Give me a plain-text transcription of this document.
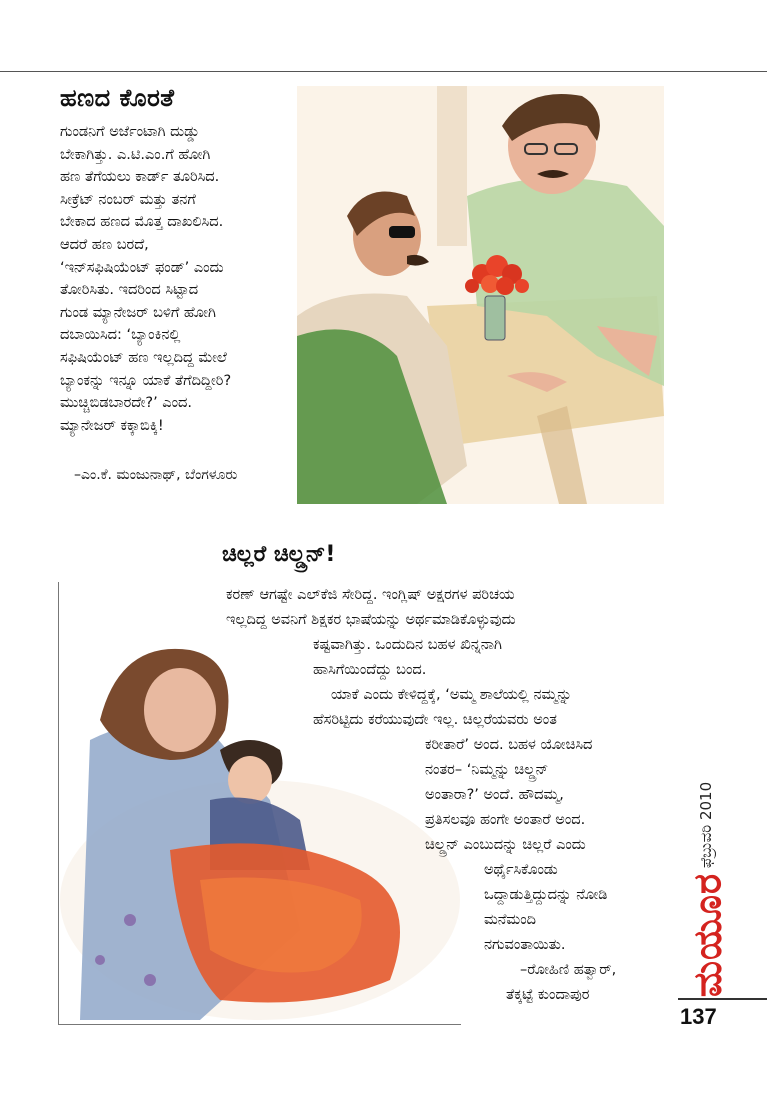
ಹಣದ ಕೊರತೆ
ಗುಂಡನಿಗೆ ಅರ್ಜೆಂಟಾಗಿ ದುಡ್ಡು
ಬೇಕಾಗಿತ್ತು. ಎ.ಟಿ.ಎಂ.ಗೆ ಹೋಗಿ
ಹಣ ತೆಗೆಯಲು ಕಾರ್ಡ್ ತೂರಿಸಿದ.
ಸೀಕ್ರೆಟ್ ನಂಬರ್ ಮತ್ತು ತನಗೆ
ಬೇಕಾದ ಹಣದ ಮೊತ್ತ ದಾಖಲಿಸಿದ.
ಆದರೆ ಹಣ ಬರದೆ,
‘ಇನ್‌ಸಫಿಷಿಯೆಂಟ್ ಫಂಡ್’ ಎಂದು
ತೋರಿಸಿತು. ಇದರಿಂದ ಸಿಟ್ಟಾದ
ಗುಂಡ ಮ್ಯಾನೇಜರ್ ಬಳಿಗೆ ಹೋಗಿ
ದಬಾಯಿಸಿದ: ‘ಬ್ಯಾಂಕಿನಲ್ಲಿ
ಸಫಿಷಿಯೆಂಟ್ ಹಣ ಇಲ್ಲದಿದ್ದ ಮೇಲೆ
ಬ್ಯಾಂಕನ್ನು ಇನ್ನೂ ಯಾಕೆ ತೆಗೆದಿದ್ದೀರಿ?
ಮುಚ್ಚಿಬಿಡಬಾರದೇ?’ ಎಂದ.
ಮ್ಯಾನೇಜರ್ ಕಕ್ಕಾಬಿಕ್ಕಿ!
–ಎಂ.ಕೆ. ಮಂಜುನಾಥ್, ಬೆಂಗಳೂರು
ಚಿಲ್ಲರೆ ಚಿಲ್ಡ್ರನ್!
ಕರಣ್ ಆಗಷ್ಟೇ ಎಲ್‌ಕೆಜಿ ಸೇರಿದ್ದ. ಇಂಗ್ಲಿಷ್ ಅಕ್ಷರಗಳ ಪರಿಚಯ
ಇಲ್ಲದಿದ್ದ ಅವನಿಗೆ ಶಿಕ್ಷಕರ ಭಾಷೆಯನ್ನು ಅರ್ಥಮಾಡಿಕೊಳ್ಳುವುದು
ಕಷ್ಟವಾಗಿತ್ತು. ಒಂದುದಿನ ಬಹಳ ಖಿನ್ನನಾಗಿ
ಹಾಸಿಗೆಯಿಂದೆದ್ದು ಬಂದ.
ಯಾಕೆ ಎಂದು ಕೇಳಿದ್ದಕ್ಕೆ, ‘ಅಮ್ಮ ಶಾಲೆಯಲ್ಲಿ ನಮ್ಮನ್ನು
ಹೆಸರಿಟ್ಟಿದು ಕರೆಯುವುದೇ ಇಲ್ಲ. ಚಿಲ್ಲರೆಯವರು ಅಂತ
ಕರೀತಾರೆ’ ಅಂದ. ಬಹಳ ಯೋಚಿಸಿದ
ನಂತರ– ‘ನಿಮ್ಮನ್ನು ಚಿಲ್ಡ್ರನ್
ಅಂತಾರಾ?’ ಅಂದೆ. ಹೌದಮ್ಮ,
ಪ್ರತಿಸಲವೂ ಹಂಗೇ ಅಂತಾರೆ ಅಂದ.
ಚಿಲ್ಡ್ರನ್ ಎಂಬುದನ್ನು ಚಿಲ್ಲರೆ ಎಂದು
ಅರ್ಥೈಸಿಕೊಂಡು
ಒದ್ದಾಡುತ್ತಿದ್ದುದನ್ನು ನೋಡಿ
ಮನೆಮಂದಿ
ನಗುವಂತಾಯಿತು.
–ರೋಹಿಣಿ ಹತ್ವಾರ್,
ತೆಕ್ಕಟ್ಟೆ ಕುಂದಾಪುರ
ಫೆಬ್ರುವರಿ 2010
ಮಯೂರ
137
